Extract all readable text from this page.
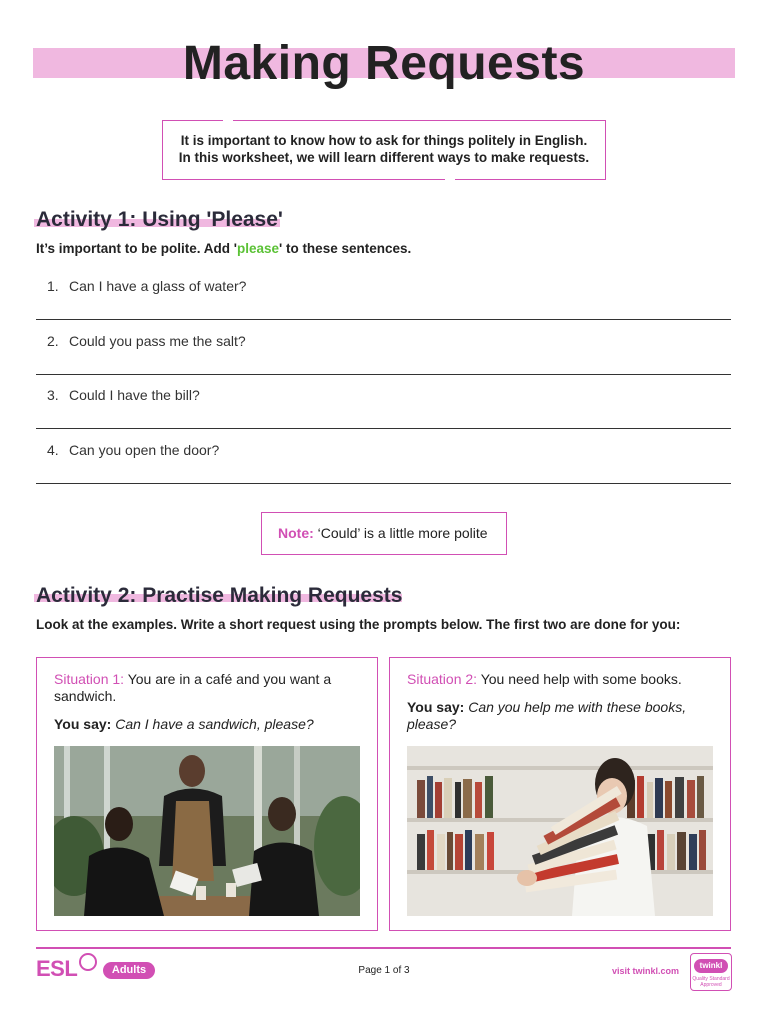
Making Requests
It is important to know how to ask for things politely in English.
In this worksheet, we will learn different ways to make requests.
Activity 1: Using 'Please'

It’s important to be polite. Add 'please' to these sentences.

1. Can I have a glass of water?
2. Could you pass me the salt?
3. Could I have the bill?
4. Can you open the door?
Note: ‘Could’ is a little more polite
Activity 2: Practise Making Requests

Look at the examples. Write a short request using the prompts below. The first two are done for you:

Situation 1: You are in a café and you want a sandwich.
You say: Can I have a sandwich, please?
Situation 2: You need help with some books.
You say: Can you help me with these books, please?
ESL	Adults	Page 1 of 3	visit twinkl.com
twinkl
Quality Standard Approved
